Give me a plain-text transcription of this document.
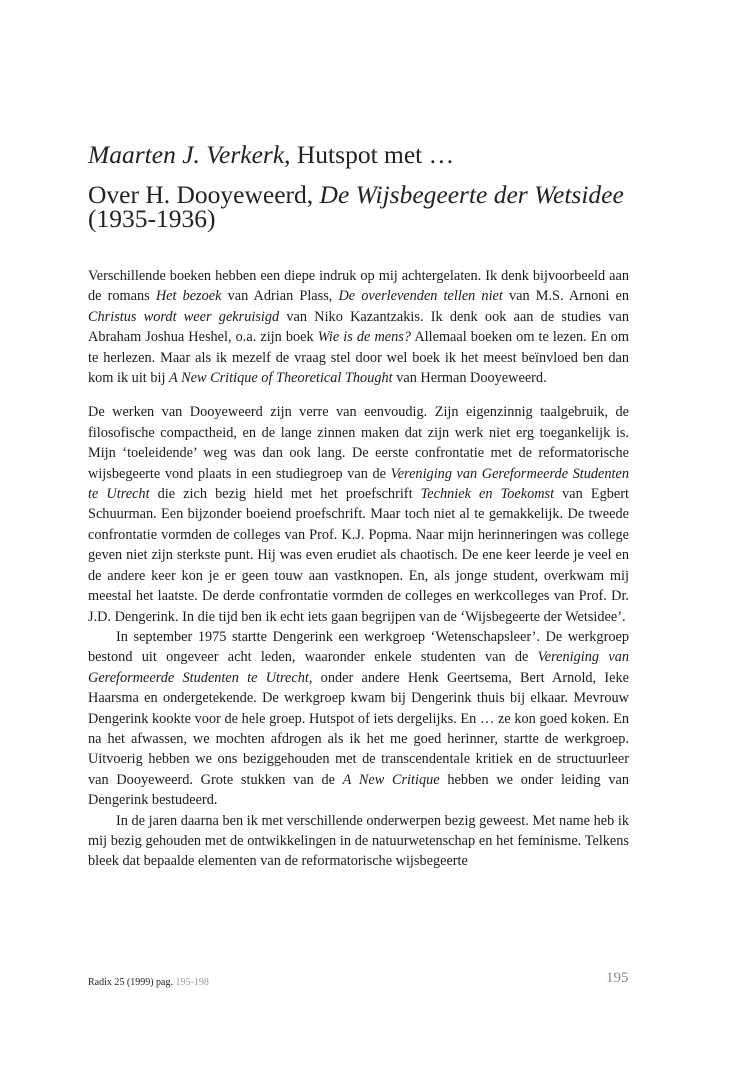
Maarten J. Verkerk, Hutspot met …
Over H. Dooyeweerd, De Wijsbegeerte der Wetsidee
(1935-1936)

Verschillende boeken hebben een diepe indruk op mij achtergelaten. Ik denk bijvoorbeeld aan de romans Het bezoek van Adrian Plass, De overlevenden tellen niet van M.S. Arnoni en Christus wordt weer gekruisigd van Niko Kazantzakis. Ik denk ook aan de studies van Abraham Joshua Heshel, o.a. zijn boek Wie is de mens? Allemaal boeken om te lezen. En om te herlezen. Maar als ik mezelf de vraag stel door wel boek ik het meest beïnvloed ben dan kom ik uit bij A New Critique of Theoretical Thought van Herman Dooyeweerd.

De werken van Dooyeweerd zijn verre van eenvoudig. Zijn eigenzinnig taalgebruik, de filosofische compactheid, en de lange zinnen maken dat zijn werk niet erg toegankelijk is. Mijn ‘toeleidende’ weg was dan ook lang. De eerste confrontatie met de reformatorische wijsbegeerte vond plaats in een studiegroep van de Vereniging van Gereformeerde Studenten te Utrecht die zich bezig hield met het proefschrift Techniek en Toekomst van Egbert Schuurman. Een bijzonder boeiend proefschrift. Maar toch niet al te gemakkelijk. De tweede confrontatie vormden de colleges van Prof. K.J. Popma. Naar mijn herinneringen was college geven niet zijn sterkste punt. Hij was even erudiet als chaotisch. De ene keer leerde je veel en de andere keer kon je er geen touw aan vastknopen. En, als jonge student, overkwam mij meestal het laatste. De derde confrontatie vormden de colleges en werkcolleges van Prof. Dr. J.D. Dengerink. In die tijd ben ik echt iets gaan begrijpen van de ‘Wijsbegeerte der Wetsidee’.

In september 1975 startte Dengerink een werkgroep ‘Wetenschapsleer’. De werkgroep bestond uit ongeveer acht leden, waaronder enkele studenten van de Vereniging van Gereformeerde Studenten te Utrecht, onder andere Henk Geertsema, Bert Arnold, Ieke Haarsma en ondergetekende. De werkgroep kwam bij Dengerink thuis bij elkaar. Mevrouw Dengerink kookte voor de hele groep. Hutspot of iets dergelijks. En … ze kon goed koken. En na het afwassen, we mochten afdrogen als ik het me goed herinner, startte de werkgroep. Uitvoerig hebben we ons beziggehouden met de transcendentale kritiek en de structuurleer van Dooyeweerd. Grote stukken van de A New Critique hebben we onder leiding van Dengerink bestudeerd.

In de jaren daarna ben ik met verschillende onderwerpen bezig geweest. Met name heb ik mij bezig gehouden met de ontwikkelingen in de natuurwetenschap en het feminisme. Telkens bleek dat bepaalde elementen van de reformatorische wijsbegeerte

Radix 25 (1999) pag. 195-198	195
